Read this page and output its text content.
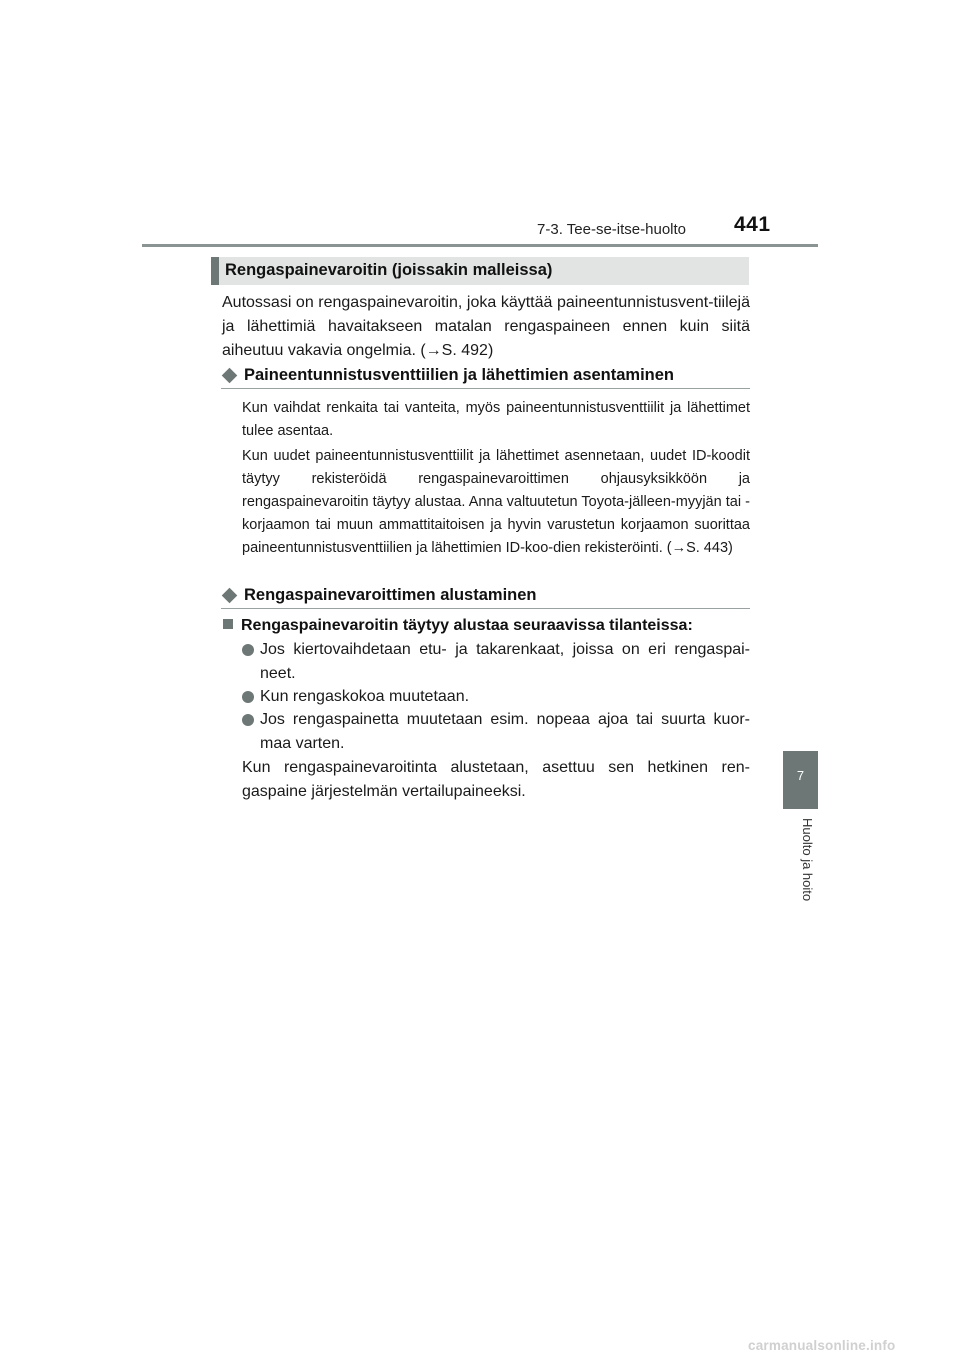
7-3. Tee-se-itse-huolto 441
Rengaspainevaroitin (joissakin malleissa)

Autossasi on rengaspainevaroitin, joka käyttää paineentunnistusvent-tiilejä ja lähettimiä havaitakseen matalan rengaspaineen ennen kuin siitä aiheutuu vakavia ongelmia. (→S. 492)

Paineentunnistusventtiilien ja lähettimien asentaminen

Kun vaihdat renkaita tai vanteita, myös paineentunnistusventtiilit ja lähettimet tulee asentaa.

Kun uudet paineentunnistusventtiilit ja lähettimet asennetaan, uudet ID-koodit täytyy rekisteröidä rengaspainevaroittimen ohjausyksikköön ja rengaspainevaroitin täytyy alustaa. Anna valtuutetun Toyota-jälleen-myyjän tai -korjaamon tai muun ammattitaitoisen ja hyvin varustetun korjaamon suorittaa paineentunnistusventtiilien ja lähettimien ID-koo-dien rekisteröinti. (→S. 443)

Rengaspainevaroittimen alustaminen
Rengaspainevaroitin täytyy alustaa seuraavissa tilanteissa:
Jos kiertovaihdetaan etu- ja takarenkaat, joissa on eri rengaspai-neet.
Kun rengaskokoa muutetaan.
Jos rengaspainetta muutetaan esim. nopeaa ajoa tai suurta kuor-maa varten.

Kun rengaspainevaroitinta alustetaan, asettuu sen hetkinen ren-gaspaine järjestelmän vertailupaineeksi.

7
Huolto ja hoito
carmanualsonline.info
